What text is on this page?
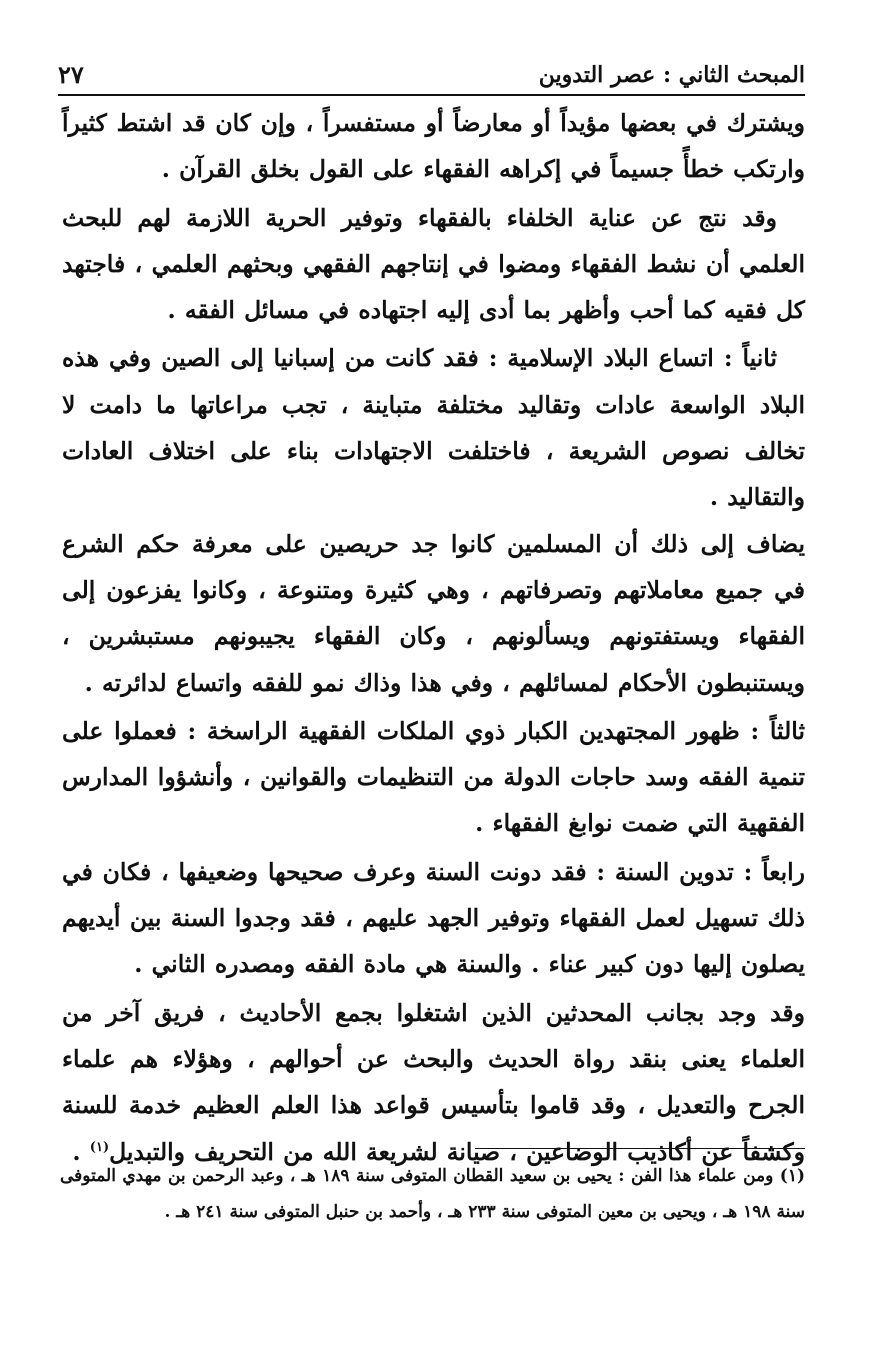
المبحث الثاني : عصر التدوين
٢٧

ويشترك في بعضها مؤيداً أو معارضاً أو مستفسراً ، وإن كان قد اشتط كثيراً وارتكب خطأً جسيماً في إكراهه الفقهاء على القول بخلق القرآن .

وقد نتج عن عناية الخلفاء بالفقهاء وتوفير الحرية اللازمة لهم للبحث العلمي أن نشط الفقهاء ومضوا في إنتاجهم الفقهي وبحثهم العلمي ، فاجتهد كل فقيه كما أحب وأظهر بما أدى إليه اجتهاده في مسائل الفقه .

ثانياً : اتساع البلاد الإسلامية : فقد كانت من إسبانيا إلى الصين وفي هذه البلاد الواسعة عادات وتقاليد مختلفة متباينة ، تجب مراعاتها ما دامت لا تخالف نصوص الشريعة ، فاختلفت الاجتهادات بناء على اختلاف العادات والتقاليد .

يضاف إلى ذلك أن المسلمين كانوا جد حريصين على معرفة حكم الشرع في جميع معاملاتهم وتصرفاتهم ، وهي كثيرة ومتنوعة ، وكانوا يفزعون إلى الفقهاء ويستفتونهم ويسألونهم ، وكان الفقهاء يجيبونهم مستبشرين ، ويستنبطون الأحكام لمسائلهم ، وفي هذا وذاك نمو للفقه واتساع لدائرته .

ثالثاً : ظهور المجتهدين الكبار ذوي الملكات الفقهية الراسخة : فعملوا على تنمية الفقه وسد حاجات الدولة من التنظيمات والقوانين ، وأنشؤوا المدارس الفقهية التي ضمت نوابغ الفقهاء .

رابعاً : تدوين السنة : فقد دونت السنة وعرف صحيحها وضعيفها ، فكان في ذلك تسهيل لعمل الفقهاء وتوفير الجهد عليهم ، فقد وجدوا السنة بين أيديهم يصلون إليها دون كبير عناء . والسنة هي مادة الفقه ومصدره الثاني .

وقد وجد بجانب المحدثين الذين اشتغلوا بجمع الأحاديث ، فريق آخر من العلماء يعنى بنقد رواة الحديث والبحث عن أحوالهم ، وهؤلاء هم علماء الجرح والتعديل ، وقد قاموا بتأسيس قواعد هذا العلم العظيم خدمة للسنة وكشفاً عن أكاذيب الوضاعين ، صيانة لشريعة الله من التحريف والتبديل$^{(١)}$ .

(١) ومن علماء هذا الفن : يحيى بن سعيد القطان المتوفى سنة ١٨٩ هـ ، وعبد الرحمن بن مهدي المتوفى سنة ١٩٨ هـ ، ويحيى بن معين المتوفى سنة ٢٣٣ هـ ، وأحمد بن حنبل المتوفى سنة ٢٤١ هـ .
